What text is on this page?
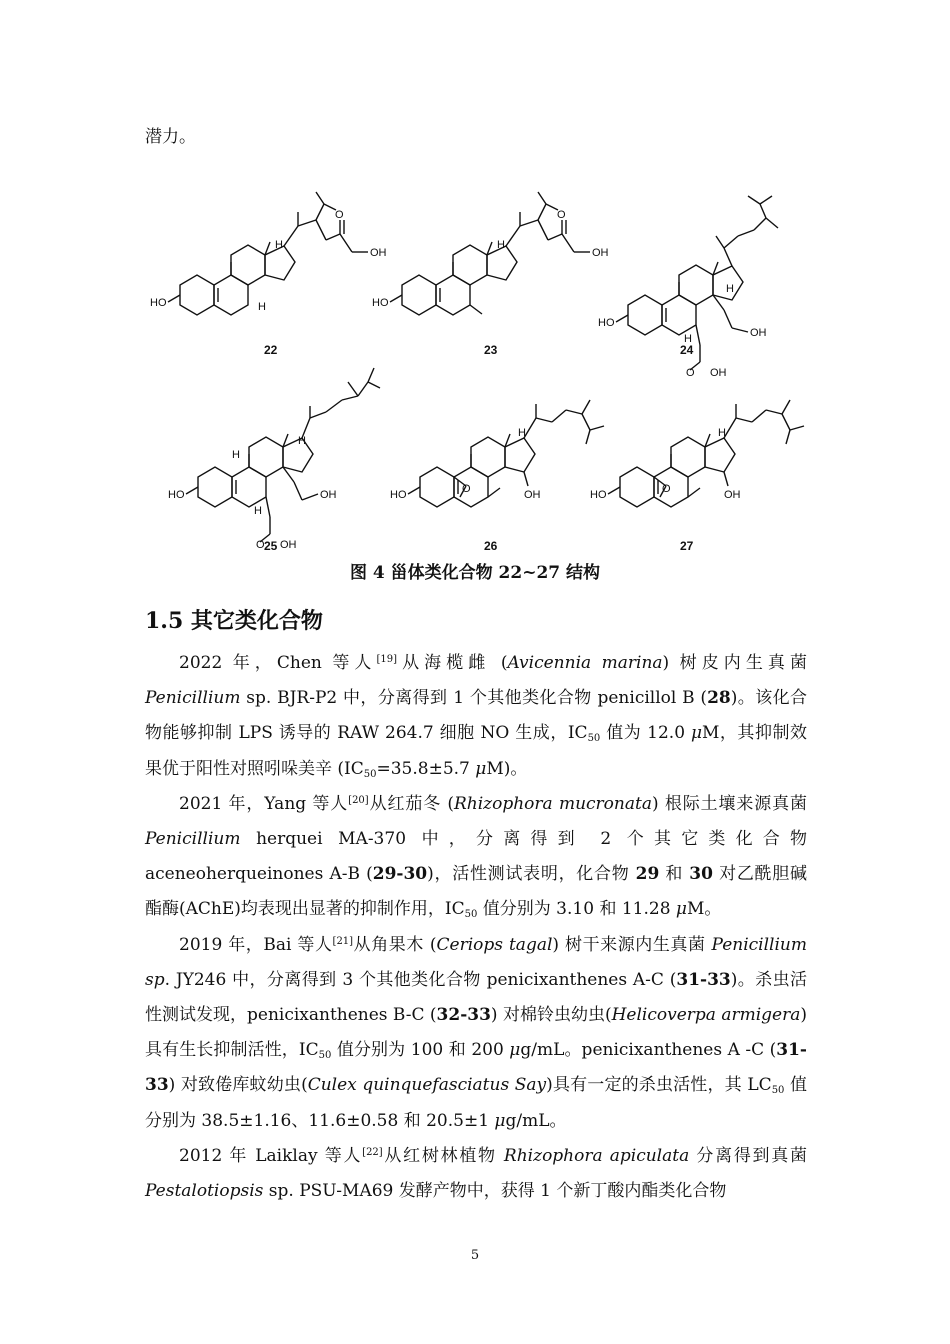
潜力。
HO
OH
O
H
H
22
HO
OH
O
H
23
HO
OH
OH
O
H
H
24
HO	OH
OH
O
H
H
H
25
HO	OH
O
H
26
HO	OH
O
H
27
图 4 甾体类化合物 22~27 结构
1.5 其它类化合物

2022 年，Chen 等人[19]从海榄雌 (Avicennia marina) 树皮内生真菌 Penicillium sp. BJR-P2 中，分离得到 1 个其他类化合物 penicillol B (28)。该化合物能够抑制 LPS 诱导的 RAW 264.7 细胞 NO 生成，$IC_{50}$ 值为 12.0 μM，其抑制效果优于阳性对照吲哚美辛 ($IC_{50}=35.8\pm 5.7$ μM)。

2021 年，Yang 等人[20]从红茄冬 (Rhizophora mucronata) 根际土壤来源真菌 Penicillium herquei MA-370 中，分离得到 2 个其它类化合物 aceneoherqueinones A-B (29-30)，活性测试表明，化合物 29 和 30 对乙酰胆碱酯酶(AChE)均表现出显著的抑制作用，$IC_{50}$ 值分别为 3.10 和 11.28 μM。

2019 年，Bai 等人[21]从角果木 (Ceriops tagal) 树干来源内生真菌 Penicillium sp. JY246 中，分离得到 3 个其他类化合物 penicixanthenes A-C (31-33)。杀虫活性测试发现，penicixanthenes B-C (32-33) 对棉铃虫幼虫(Helicoverpa armigera)具有生长抑制活性，$IC_{50}$ 值分别为 100 和 200 μg/mL。penicixanthenes A -C (31-33) 对致倦库蚊幼虫(Culex quinquefasciatus Say)具有一定的杀虫活性，其 $LC_{50}$ 值分别为 38.5±1.16、11.6±0.58 和 20.5±1 μg/mL。

2012 年 Laiklay 等人[22]从红树林植物 Rhizophora apiculata 分离得到真菌 Pestalotiopsis sp. PSU-MA69 发酵产物中，获得 1 个新丁酸内酯类化合物

5
